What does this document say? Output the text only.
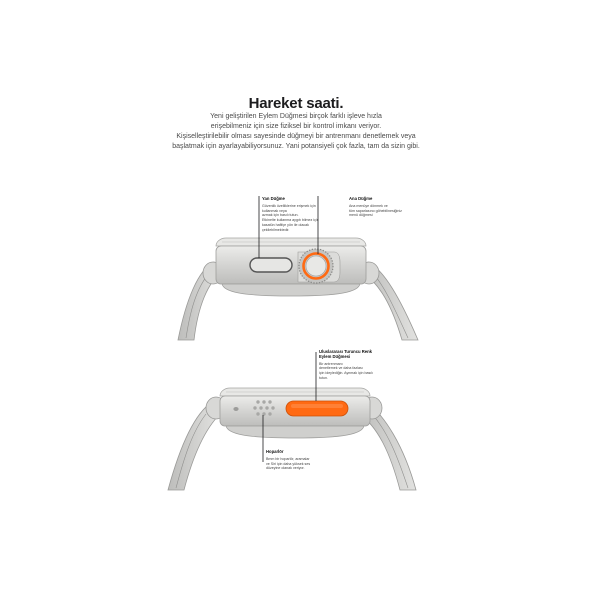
Hareket saati.
Yeni geliştirilen Eylem Düğmesi birçok farklı işleve hızla
erişebilmeniz için size fiziksel bir kontrol imkanı veriyor.
Kişiselleştirilebilir olması sayesinde düğmeyi bir antrenmanı denetlemek veya
başlatmak için ayarlayabiliyorsunuz. Yani potansiyeli çok fazla, tam da sizin gibi.
Yan Düğme
Güvenlik özelliklerine erişmek için
kullanmak veya
azmak için basılı tutun.
Etkinelte kullanma aygıtı bilmez için
kasatün hafifçe yön ile olacak
çekilebilmektedir.
Ana Düğme
Ana menüye dönmek ve
tüm saparlasıno göhebilinesiğiniz
menü düğmesi
Uluslararası Turuncu Renk
Eylem Düğmesi
Bir antrenmanı
denetlemek ve daha fazlası
için ideylediğin. Aynmak için basılı
tutun.
Hoparlör
Bmm bir hoparlör, aramalar
ve Siri için daha yüksek ses
düzeyine olanak veriyor.
